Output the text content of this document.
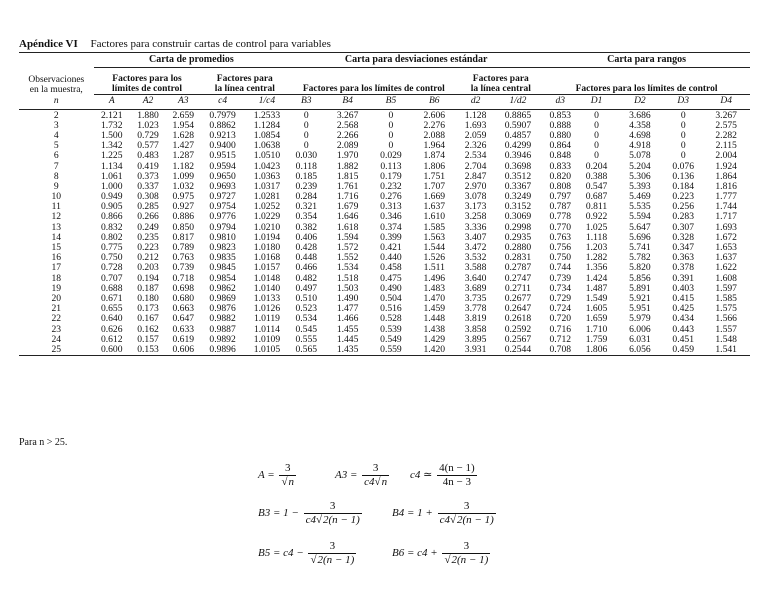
Apéndice VI Factores para construir cartas de control para variables
	Carta de promedios					Carta para desviaciones estándar						Carta para rangos				
Observaciones
en la muestra,	Factores para los
límites de control			Factores para
la línea central		Factores para los límites de control				Factores para
la línea central		Factores para los límites de control				
n	A	A2	A3	c4	1/c4	B3	B4	B5	B6	d2	1/d2	d3	D1	D2	D3	D4
2	2.121	1.880	2.659	0.7979	1.2533	0	3.267	0	2.606	1.128	0.8865	0.853	0	3.686	0	3.267
3	1.732	1.023	1.954	0.8862	1.1284	0	2.568	0	2.276	1.693	0.5907	0.888	0	4.358	0	2.575
4	1.500	0.729	1.628	0.9213	1.0854	0	2.266	0	2.088	2.059	0.4857	0.880	0	4.698	0	2.282
5	1.342	0.577	1.427	0.9400	1.0638	0	2.089	0	1.964	2.326	0.4299	0.864	0	4.918	0	2.115
6	1.225	0.483	1.287	0.9515	1.0510	0.030	1.970	0.029	1.874	2.534	0.3946	0.848	0	5.078	0	2.004
7	1.134	0.419	1.182	0.9594	1.0423	0.118	1.882	0.113	1.806	2.704	0.3698	0.833	0.204	5.204	0.076	1.924
8	1.061	0.373	1.099	0.9650	1.0363	0.185	1.815	0.179	1.751	2.847	0.3512	0.820	0.388	5.306	0.136	1.864
9	1.000	0.337	1.032	0.9693	1.0317	0.239	1.761	0.232	1.707	2.970	0.3367	0.808	0.547	5.393	0.184	1.816
10	0.949	0.308	0.975	0.9727	1.0281	0.284	1.716	0.276	1.669	3.078	0.3249	0.797	0.687	5.469	0.223	1.777
11	0.905	0.285	0.927	0.9754	1.0252	0.321	1.679	0.313	1.637	3.173	0.3152	0.787	0.811	5.535	0.256	1.744
12	0.866	0.266	0.886	0.9776	1.0229	0.354	1.646	0.346	1.610	3.258	0.3069	0.778	0.922	5.594	0.283	1.717
13	0.832	0.249	0.850	0.9794	1.0210	0.382	1.618	0.374	1.585	3.336	0.2998	0.770	1.025	5.647	0.307	1.693
14	0.802	0.235	0.817	0.9810	1.0194	0.406	1.594	0.399	1.563	3.407	0.2935	0.763	1.118	5.696	0.328	1.672
15	0.775	0.223	0.789	0.9823	1.0180	0.428	1.572	0.421	1.544	3.472	0.2880	0.756	1.203	5.741	0.347	1.653
16	0.750	0.212	0.763	0.9835	1.0168	0.448	1.552	0.440	1.526	3.532	0.2831	0.750	1.282	5.782	0.363	1.637
17	0.728	0.203	0.739	0.9845	1.0157	0.466	1.534	0.458	1.511	3.588	0.2787	0.744	1.356	5.820	0.378	1.622
18	0.707	0.194	0.718	0.9854	1.0148	0.482	1.518	0.475	1.496	3.640	0.2747	0.739	1.424	5.856	0.391	1.608
19	0.688	0.187	0.698	0.9862	1.0140	0.497	1.503	0.490	1.483	3.689	0.2711	0.734	1.487	5.891	0.403	1.597
20	0.671	0.180	0.680	0.9869	1.0133	0.510	1.490	0.504	1.470	3.735	0.2677	0.729	1.549	5.921	0.415	1.585
21	0.655	0.173	0.663	0.9876	1.0126	0.523	1.477	0.516	1.459	3.778	0.2647	0.724	1.605	5.951	0.425	1.575
22	0.640	0.167	0.647	0.9882	1.0119	0.534	1.466	0.528	1.448	3.819	0.2618	0.720	1.659	5.979	0.434	1.566
23	0.626	0.162	0.633	0.9887	1.0114	0.545	1.455	0.539	1.438	3.858	0.2592	0.716	1.710	6.006	0.443	1.557
24	0.612	0.157	0.619	0.9892	1.0109	0.555	1.445	0.549	1.429	3.895	0.2567	0.712	1.759	6.031	0.451	1.548
25	0.600	0.153	0.606	0.9896	1.0105	0.565	1.435	0.559	1.420	3.931	0.2544	0.708	1.806	6.056	0.459	1.541
Para n > 25.
$A = \frac{3}{√n}$	$A3 = \frac{3}{c4√n} c4$ ≃ $\frac{4(n - 1)}{4n - 3}$
$B3 = 1 - \frac{3}{c4√2(n - 1)}$	$B4 = 1 + \frac{3}{c4√2(n - 1)}$
$B5 = c4 - \frac{3}{√2(n - 1)}$	$B6 = c4 + \frac{3}{√2(n - 1)}$
